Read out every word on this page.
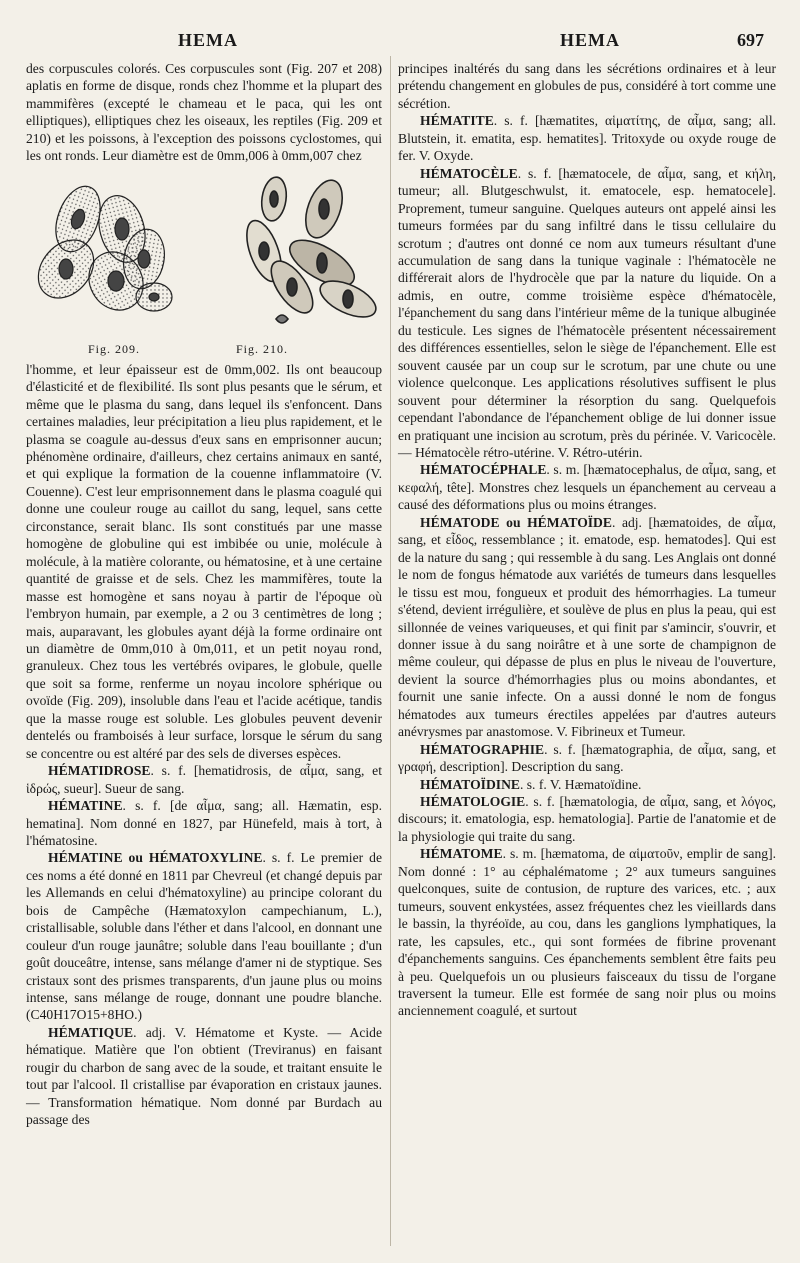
HEMA	HEMA	697

des corpuscules colorés. Ces corpuscules sont (Fig. 207 et 208) aplatis en forme de disque, ronds chez l'homme et la plupart des mammifères (excepté le chameau et le paca, qui les ont elliptiques), elliptiques chez les oiseaux, les reptiles (Fig. 209 et 210) et les poissons, à l'exception des poissons cyclostomes, qui les ont ronds. Leur diamètre est de 0mm,006 à 0mm,007 chez

Fig. 209.	Fig. 210.

l'homme, et leur épaisseur est de 0mm,002. Ils ont beaucoup d'élasticité et de flexibilité. Ils sont plus pesants que le sérum, et même que le plasma du sang, dans lequel ils s'enfoncent. Dans certaines maladies, leur précipitation a lieu plus rapidement, et le plasma se coagule au-dessus d'eux sans en emprisonner aucun; phénomène ordinaire, d'ailleurs, chez certains animaux en santé, et qui explique la formation de la couenne inflammatoire (V. Couenne). C'est leur emprisonnement dans le plasma coagulé qui donne une couleur rouge au caillot du sang, lequel, sans cette circonstance, serait blanc. Ils sont constitués par une masse homogène de globuline qui est imbibée ou unie, molécule à molécule, à la matière colorante, ou hématosine, et à une certaine quantité de graisse et de sels. Chez les mammifères, toute la masse est homogène et sans noyau à partir de l'époque où l'embryon humain, par exemple, a 2 ou 3 centimètres de long ; mais, auparavant, les globules ayant déjà la forme ordinaire ont un diamètre de 0mm,010 à 0m,011, et un petit noyau rond, granuleux. Chez tous les vertébrés ovipares, le globule, quelle que soit sa forme, renferme un noyau incolore sphérique ou ovoïde (Fig. 209), insoluble dans l'eau et l'acide acétique, tandis que la masse rouge est soluble. Les globules peuvent devenir dentelés ou framboisés à leur surface, lorsque le sérum du sang se concentre ou est altéré par des sels de diverses espèces.

HÉMATIDROSE. s. f. [hematidrosis, de αἷμα, sang, et ἱδρώς, sueur]. Sueur de sang.

HÉMATINE. s. f. [de αἷμα, sang; all. Hæmatin, esp. hematina]. Nom donné en 1827, par Hünefeld, mais à tort, à l'hématosine.

HÉMATINE ou HÉMATOXYLINE. s. f. Le premier de ces noms a été donné en 1811 par Chevreul (et changé depuis par les Allemands en celui d'hématoxyline) au principe colorant du bois de Campêche (Hæmatoxylon campechianum, L.), cristallisable, soluble dans l'éther et dans l'alcool, en donnant une couleur d'un rouge jaunâtre; soluble dans l'eau bouillante ; d'un goût douceâtre, intense, sans mélange d'amer ni de styptique. Ses cristaux sont des prismes transparents, d'un jaune plus ou moins intense, sans mélange de rouge, donnant une poudre blanche. (C40H17O15+8HO.)

HÉMATIQUE. adj. V. Hématome et Kyste. — Acide hématique. Matière que l'on obtient (Treviranus) en faisant rougir du charbon de sang avec de la soude, et traitant ensuite le tout par l'alcool. Il cristallise par évaporation en cristaux jaunes. — Transformation hématique. Nom donné par Burdach au passage des

principes inaltérés du sang dans les sécrétions ordinaires et à leur prétendu changement en globules de pus, considéré à tort comme une sécrétion.

HÉMATITE. s. f. [hæmatites, αἱματίτης, de αἷμα, sang; all. Blutstein, it. ematita, esp. hematites]. Tritoxyde ou oxyde rouge de fer. V. Oxyde.

HÉMATOCÈLE. s. f. [hæmatocele, de αἷμα, sang, et κήλη, tumeur; all. Blutgeschwulst, it. ematocele, esp. hematocele]. Proprement, tumeur sanguine. Quelques auteurs ont appelé ainsi les tumeurs formées par du sang infiltré dans le tissu cellulaire du scrotum ; d'autres ont donné ce nom aux tumeurs résultant d'une accumulation de sang dans la tunique vaginale : l'hématocèle ne différerait alors de l'hydrocèle que par la nature du liquide. On a admis, en outre, comme troisième espèce d'hématocèle, l'épanchement du sang dans l'intérieur même de la tunique albuginée du testicule. Les signes de l'hématocèle présentent nécessairement des différences essentielles, selon le siège de l'épanchement. Elle est souvent causée par un coup sur le scrotum, par une chute ou une violence quelconque. Les applications résolutives suffisent le plus souvent pour déterminer la résorption du sang. Quelquefois cependant l'abondance de l'épanchement oblige de lui donner issue en pratiquant une incision au scrotum, près du périnée. V. Varicocèle. — Hématocèle rétro-utérine. V. Rétro-utérin.

HÉMATOCÉPHALE. s. m. [hæmatocephalus, de αἷμα, sang, et κεφαλή, tête]. Monstres chez lesquels un épanchement au cerveau a causé des déformations plus ou moins étranges.

HÉMATODE ou HÉMATOÏDE. adj. [hæmatoides, de αἷμα, sang, et εἶδος, ressemblance ; it. ematode, esp. hematodes]. Qui est de la nature du sang ; qui ressemble à du sang. Les Anglais ont donné le nom de fongus hématode aux variétés de tumeurs dans lesquelles le tissu est mou, fongueux et produit des hémorrhagies. La tumeur s'étend, devient irrégulière, et soulève de plus en plus la peau, qui est sillonnée de veines variqueuses, et qui finit par s'amincir, s'ouvrir, et donner issue à du sang noirâtre et à une sorte de champignon de même couleur, qui dépasse de plus en plus le niveau de l'ouverture, devient la source d'hémorrhagies plus ou moins abondantes, et fournit une sanie infecte. On a aussi donné le nom de fongus hématodes aux tumeurs érectiles appelées par d'autres auteurs anévrysmes par anastomose. V. Fibrineux et Tumeur.

HÉMATOGRAPHIE. s. f. [hæmatographia, de αἷμα, sang, et γραφή, description]. Description du sang.

HÉMATOÏDINE. s. f. V. Hæmatoïdine.

HÉMATOLOGIE. s. f. [hæmatologia, de αἷμα, sang, et λόγος, discours; it. ematologia, esp. hematologia]. Partie de l'anatomie et de la physiologie qui traite du sang.

HÉMATOME. s. m. [hæmatoma, de αἱματοῦν, emplir de sang]. Nom donné : 1° au céphalématome ; 2° aux tumeurs sanguines quelconques, suite de contusion, de rupture des varices, etc. ; aux tumeurs, souvent enkystées, assez fréquentes chez les vieillards dans le bassin, la thyréoïde, au cou, dans les ganglions lymphatiques, la rate, les capsules, etc., qui sont formées de fibrine provenant d'épanchements sanguins. Ces épanchements semblent être faits peu à peu. Quelquefois un ou plusieurs faisceaux du tissu de l'organe traversent la tumeur. Elle est formée de sang noir plus ou moins anciennement coagulé, et surtout
